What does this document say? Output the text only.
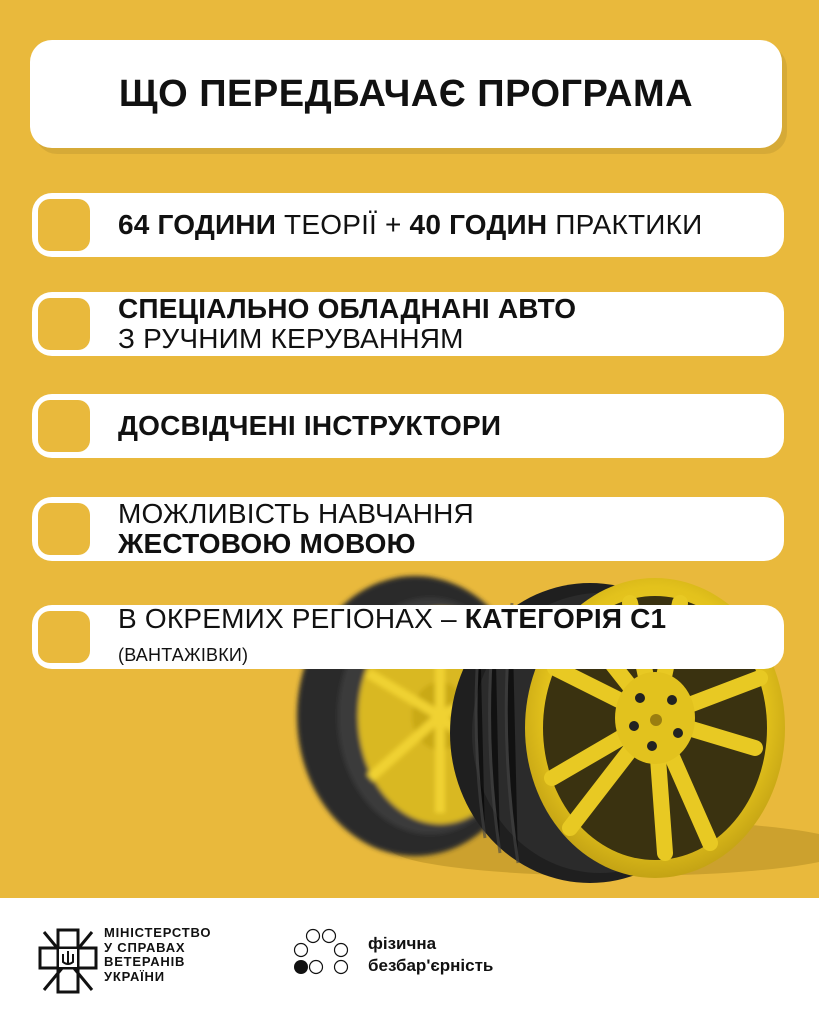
ЩО ПЕРЕДБАЧАЄ ПРОГРАМА
64 ГОДИНИ ТЕОРІЇ + 40 ГОДИН ПРАКТИКИ
СПЕЦІАЛЬНО ОБЛАДНАНІ АВТО
З РУЧНИМ КЕРУВАННЯМ
ДОСВІДЧЕНІ ІНСТРУКТОРИ
МОЖЛИВІСТЬ НАВЧАННЯ
ЖЕСТОВОЮ МОВОЮ
В ОКРЕМИХ РЕГІОНАХ – КАТЕГОРІЯ С1 (ВАНТАЖІВКИ)
МІНІСТЕРСТВО
У СПРАВАХ
ВЕТЕРАНІВ
УКРАЇНИ
фізична
безбар'єрність
